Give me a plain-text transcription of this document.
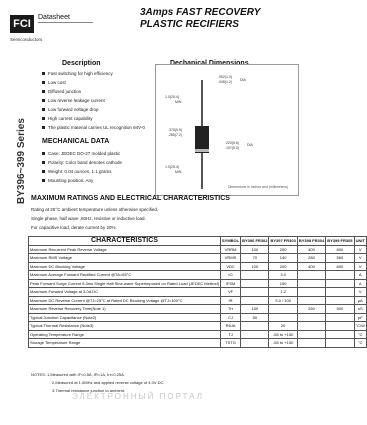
FCI
Datasheet
Semiconductors
3Amps FAST RECOVERY
PLASTIC RECIFIERS
Description	Dechanical Dimensions
BY396~399 Series
Fast switching for high efficiency
Low cost
Diffused junction
Low reverse leakage current
Low forward voltage drop
High current capability
The plastic material carries UL recognition 94V-0
MECHANICAL DATA
Case: JEDEC DO-27 molded plastic
Polarity: Color band denotes cathode
Weight: 0.04 ounces, 1.1 grams
Mounting position: Any
1.0(25.4)
MIN
.052(1.3)
.048(1.2) DIA
.375(9.5)
.285(7.2)
.220(5.6)
.197(5.0)
DIA
1.0(25.4)
MIN
Dimensions in inches and (millimeters)
MAXIMUM RATINGS AND ELECTRICAL CHARACTERISTICS
Rating at 25°C ambient temperature unless otherwise specified.
Single phase, half wave ,60Hz, resistive or inductive load.
For capacitive load, derate current by 20%.
CHARACTERISTICS	SYMBOL	BY396 FR302	BY397 FR303	BY398 FR304	BY399 FR305	UNIT
Maximum Recurrent Peak Reverse Voltage	VRRM	100	200	400	800	V
Maximum RMS Voltage	VRMS	70	140	280	560	V
Maximum DC Blocking Voltage	VDC	100	200	400	800	V
Maximum Average Forward Rectified Current @TA=55°C	IO		3.0			A
Peak Forward Surge Current 8.3ms Single Half Sine-wave Superimposed on Rated Load (JEDEC Method)	IFSM		150			A
Maximum Forward Voltage at 3.0A DC	VF		1.2			V
Maximum DC Reverse Current @TJ=25°C at Rated DC Blocking Voltage @TJ=100°C	IR		5.0 / 100			μA
Maximum Reverse Recovery Time(Note 1)	Trr	150		250	500	nS
Typical Junction Capacitance (Note2)	CJ	50				pF
Typical Thermal Resistance (Note3)	RθJA		20			°C/W
Operating Temperature Range	TJ		-55 to +150			°C
Storage Temperature Range	TSTG		-55 to +150			°C
NOTES: 1.Measured with IF=0.5A, IR=1A, Irr=0.25A.
2.Measured at 1.0MHz and applied reverse voltage of 4.0V DC.
3.Thermal resistance junction to ambient.
ЭЛЕКТРОННЫЙ ПОРТАЛ
